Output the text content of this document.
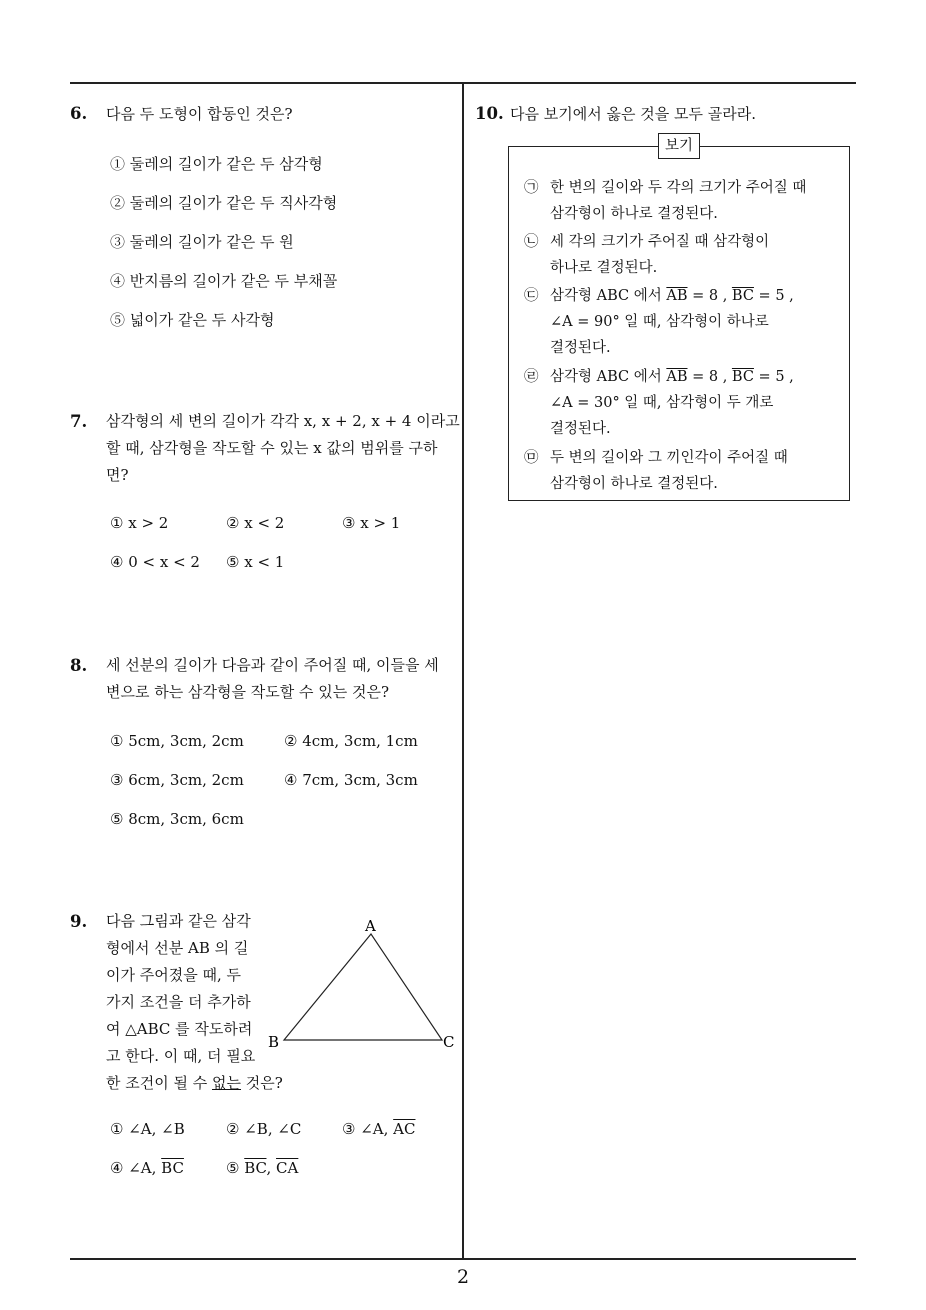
6. 다음 두 도형이 합동인 것은?
① 둘레의 길이가 같은 두 삼각형
② 둘레의 길이가 같은 두 직사각형
③ 둘레의 길이가 같은 두 원
④ 반지름의 길이가 같은 두 부채꼴
⑤ 넓이가 같은 두 사각형
7. 삼각형의 세 변의 길이가 각각 x, x + 2, x + 4 이라고
할 때, 삼각형을 작도할 수 있는 x 값의 범위를 구하
면?
① x > 2	② x < 2	③ x > 1
④ 0 < x < 2 ⑤ x < 1
8. 세 선분의 길이가 다음과 같이 주어질 때, 이들을 세
변으로 하는 삼각형을 작도할 수 있는 것은?
① 5cm, 3cm, 2cm	② 4cm, 3cm, 1cm
③ 6cm, 3cm, 2cm	④ 7cm, 3cm, 3cm
⑤ 8cm, 3cm, 6cm
9. 다음 그림과 같은 삼각
형에서 선분 AB 의 길
이가 주어졌을 때, 두
가지 조건을 더 추가하
여 △ABC 를 작도하려
고 한다. 이 때, 더 필요
한 조건이 될 수 없는 것은?
A
B	C
① ∠A, ∠B	② ∠B, ∠C	③ ∠A, $\overline{AC}$
④ ∠A, $\overline{BC}$	⑤ $\overline{BC}$, $\overline{CA}$
10. 다음 보기에서 옳은 것을 모두 골라라.
보기
㉠ 한 변의 길이와 두 각의 크기가 주어질 때
삼각형이 하나로 결정된다.
㉡ 세 각의 크기가 주어질 때 삼각형이
하나로 결정된다.
㉢ 삼각형 ABC 에서 $\overline{AB} = 8$ , $\overline{BC} = 5$ ,
∠A = 90° 일 때, 삼각형이 하나로
결정된다.
㉣ 삼각형 ABC 에서 $\overline{AB} = 8$ , $\overline{BC} = 5$ ,
∠A = 30° 일 때, 삼각형이 두 개로
결정된다.
㉤ 두 변의 길이와 그 끼인각이 주어질 때
삼각형이 하나로 결정된다.
2
